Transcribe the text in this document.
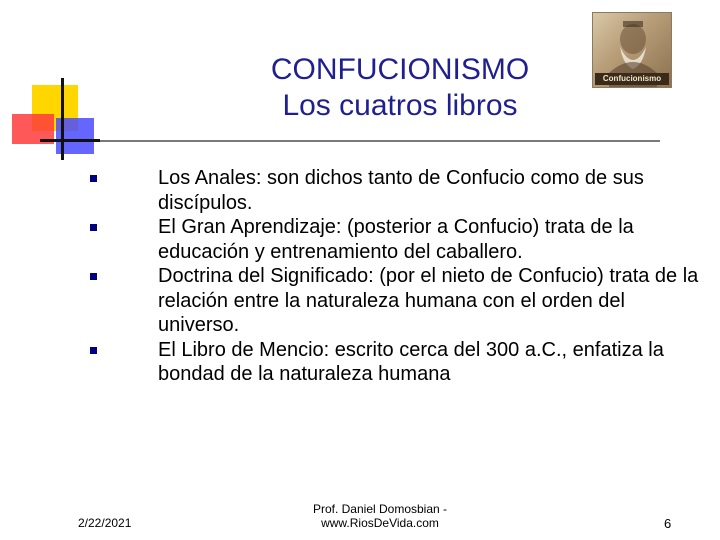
CONFUCIONISMO
Los cuatros libros
Confucionismo
Los Anales: son dichos tanto de Confucio como de sus discípulos.
El Gran Aprendizaje: (posterior a Confucio) trata de la educación y entrenamiento del caballero.
Doctrina del Significado: (por el nieto de Confucio) trata de la relación entre la naturaleza humana con el orden del universo.
El Libro de Mencio: escrito cerca del 300 a.C., enfatiza la bondad de la naturaleza humana
2/22/2021
Prof. Daniel Domosbian -
www.RiosDeVida.com	6
